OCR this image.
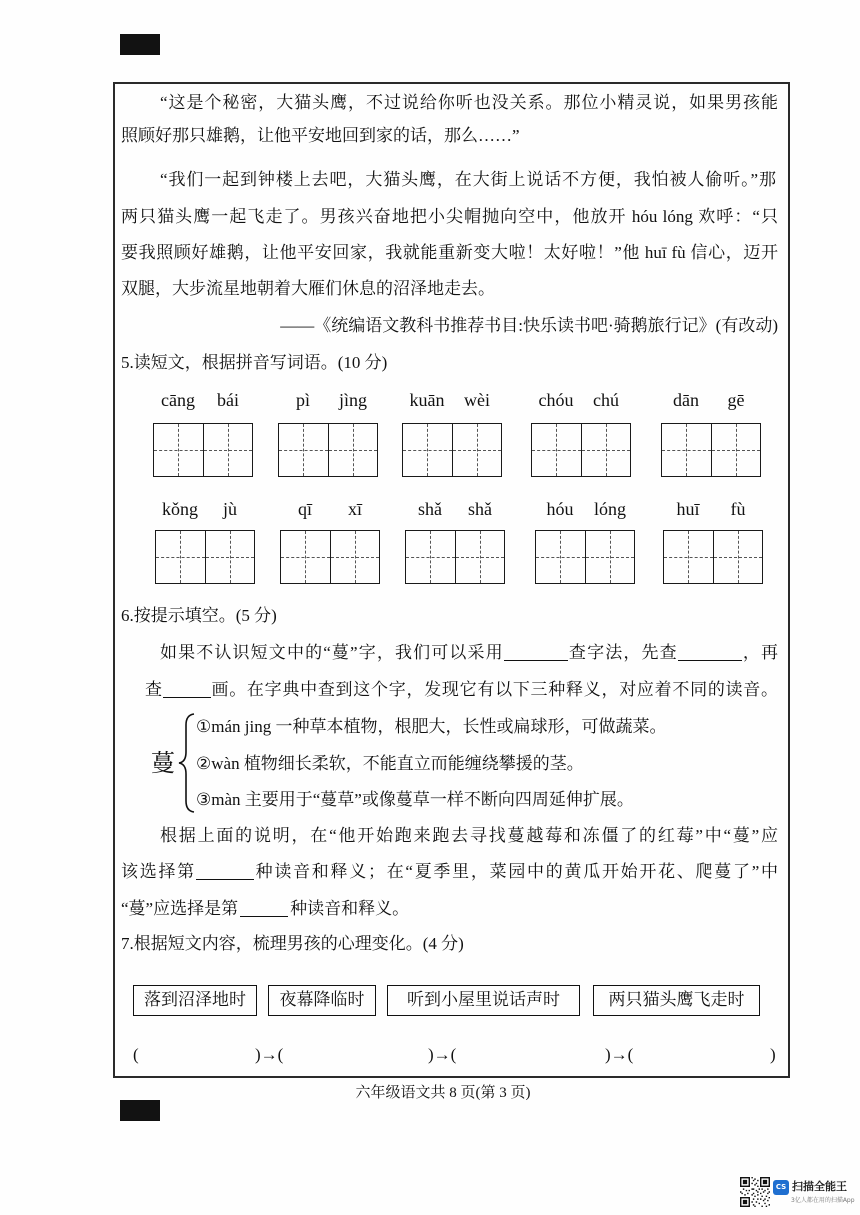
“这是个秘密，大猫头鹰，不过说给你听也没关系。那位小精灵说，如果男孩能
照顾好那只雄鹅，让他平安地回到家的话，那么……”
“我们一起到钟楼上去吧，大猫头鹰，在大街上说话不方便，我怕被人偷听。”那
两只猫头鹰一起飞走了。男孩兴奋地把小尖帽抛向空中，他放开 hóu lóng 欢呼：“只
要我照顾好雄鹅，让他平安回家，我就能重新变大啦！太好啦！”他 huī fù 信心，迈开
双腿，大步流星地朝着大雁们休息的沼泽地走去。
——《统编语文教科书推荐书目:快乐读书吧·骑鹅旅行记》(有改动)
5.读短文，根据拼音写词语。(10 分)
cāng	bái	pì	jìng	kuān	wèi	chóu	chú	dān	gē
kǒng	jù	qī	xī	shǎ	shǎ	hóu	lóng	huī	fù
6.按提示填空。(5 分)
如果不认识短文中的“蔓”字，我们可以采用	查字法，先查	，再
查	画。在字典中查到这个字，发现它有以下三种释义，对应着不同的读音。
蔓
①mán jing 一种草本植物，根肥大，长性或扁球形，可做蔬菜。
②wàn 植物细长柔软，不能直立而能缠绕攀援的茎。
③màn 主要用于“蔓草”或像蔓草一样不断向四周延伸扩展。
根据上面的说明，在“他开始跑来跑去寻找蔓越莓和冻僵了的红莓”中“蔓”应
该选择第	种读音和释义；在“夏季里，菜园中的黄瓜开始开花、爬蔓了”中
“蔓”应选择是第	种读音和释义。
7.根据短文内容，梳理男孩的心理变化。(4 分)
落到沼泽地时	夜幕降临时	听到小屋里说话声时	两只猫头鹰飞走时
(	)→(	)→(	)→(	)
六年级语文共 8 页(第 3 页)
CS 扫描全能王
3亿人都在用的扫描App
